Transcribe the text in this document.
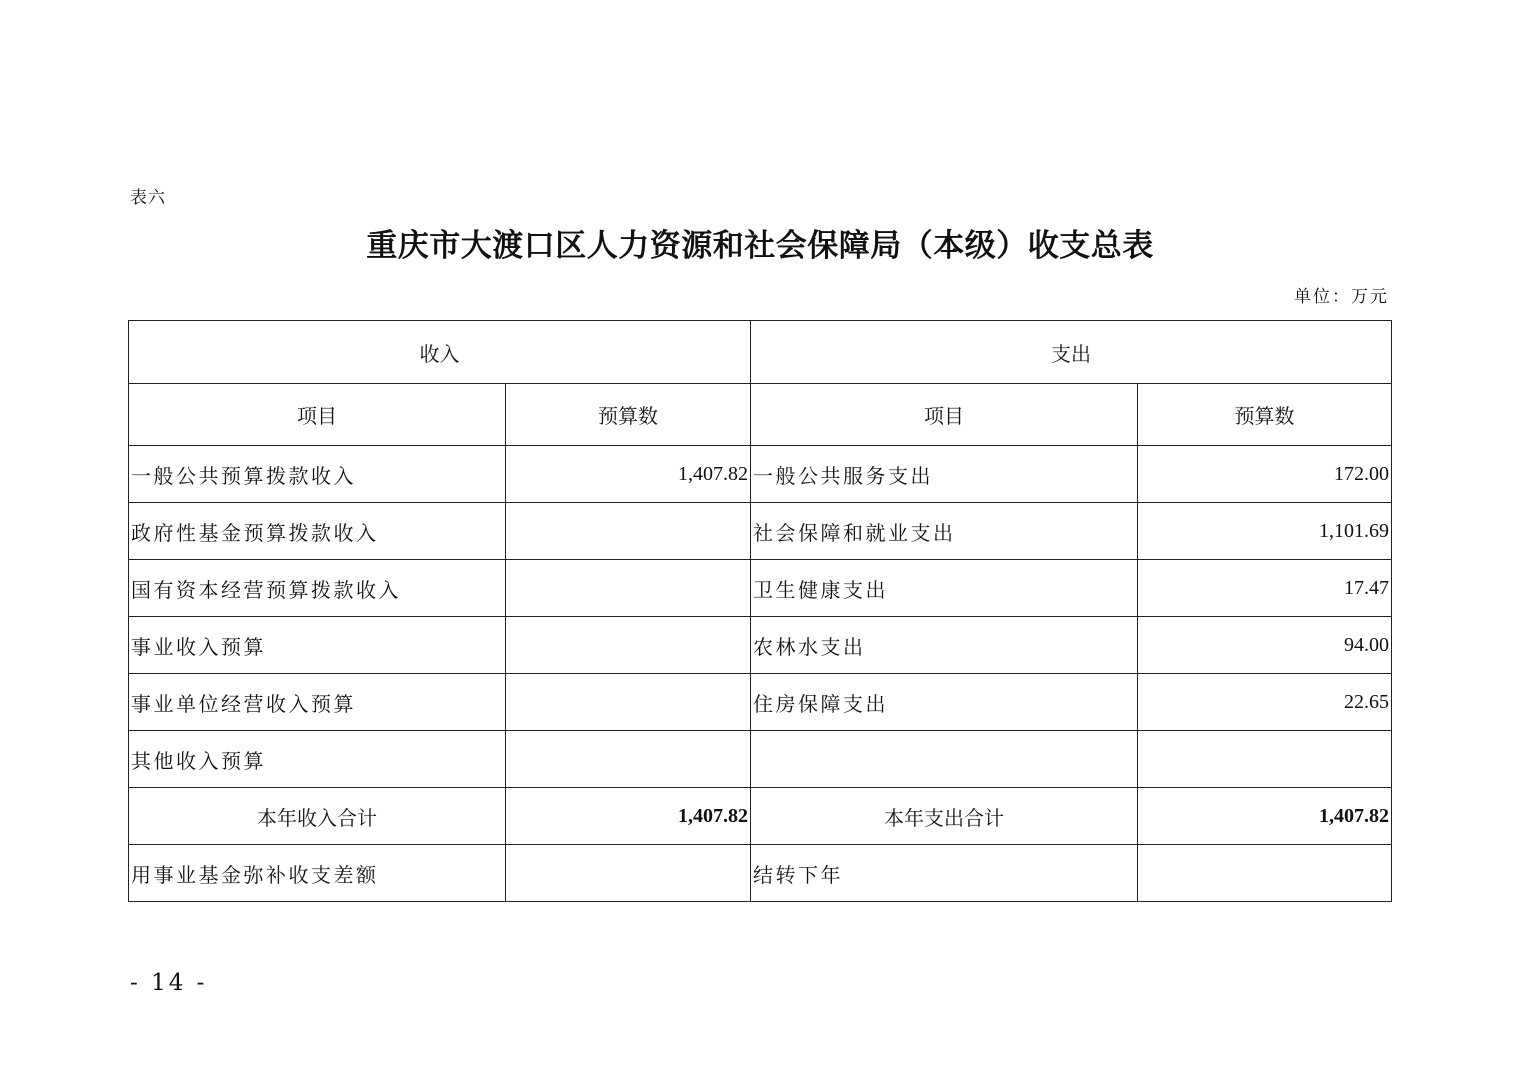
表六
重庆市大渡口区人力资源和社会保障局（本级）收支总表
单位：万元
收入		支出	
项目	预算数	项目	预算数
一般公共预算拨款收入	1,407.82	一般公共服务支出	172.00
政府性基金预算拨款收入		社会保障和就业支出	1,101.69
国有资本经营预算拨款收入		卫生健康支出	17.47
事业收入预算		农林水支出	94.00
事业单位经营收入预算		住房保障支出	22.65
其他收入预算			
本年收入合计	1,407.82	本年支出合计	1,407.82
用事业基金弥补收支差额		结转下年	
- 14 -
